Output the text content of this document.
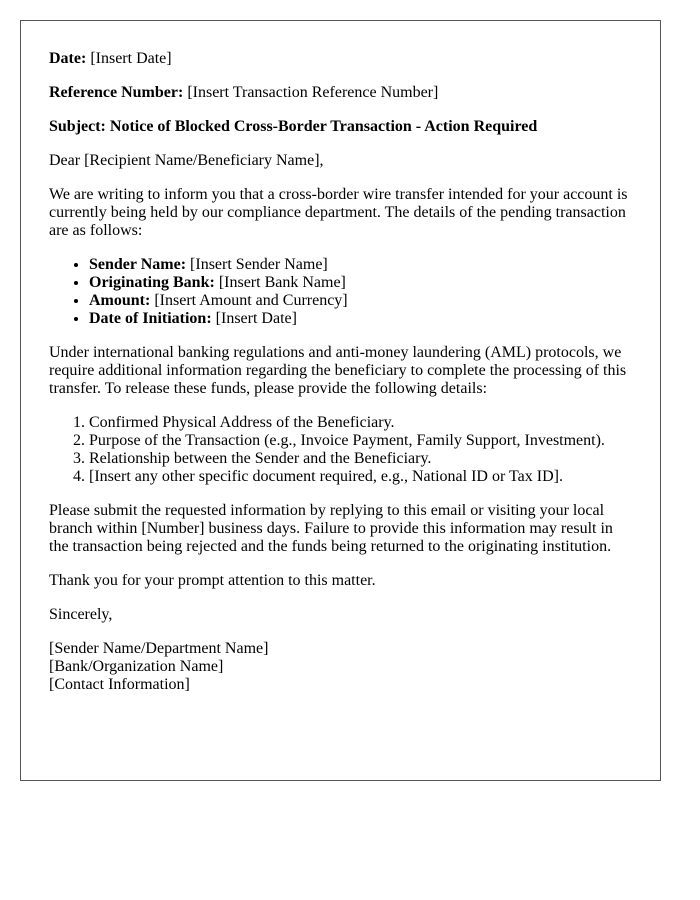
Date: [Insert Date]

Reference Number: [Insert Transaction Reference Number]

Subject: Notice of Blocked Cross-Border Transaction - Action Required

Dear [Recipient Name/Beneficiary Name],

We are writing to inform you that a cross-border wire transfer intended for your account is currently being held by our compliance department. The details of the pending transaction are as follows:

• Sender Name: [Insert Sender Name]
• Originating Bank: [Insert Bank Name]
• Amount: [Insert Amount and Currency]
• Date of Initiation: [Insert Date]

Under international banking regulations and anti-money laundering (AML) protocols, we require additional information regarding the beneficiary to complete the processing of this transfer. To release these funds, please provide the following details:

1. Confirmed Physical Address of the Beneficiary.
2. Purpose of the Transaction (e.g., Invoice Payment, Family Support, Investment).
3. Relationship between the Sender and the Beneficiary.
4. [Insert any other specific document required, e.g., National ID or Tax ID].

Please submit the requested information by replying to this email or visiting your local branch within [Number] business days. Failure to provide this information may result in the transaction being rejected and the funds being returned to the originating institution.

Thank you for your prompt attention to this matter.

Sincerely,

[Sender Name/Department Name]
[Bank/Organization Name]
[Contact Information]
